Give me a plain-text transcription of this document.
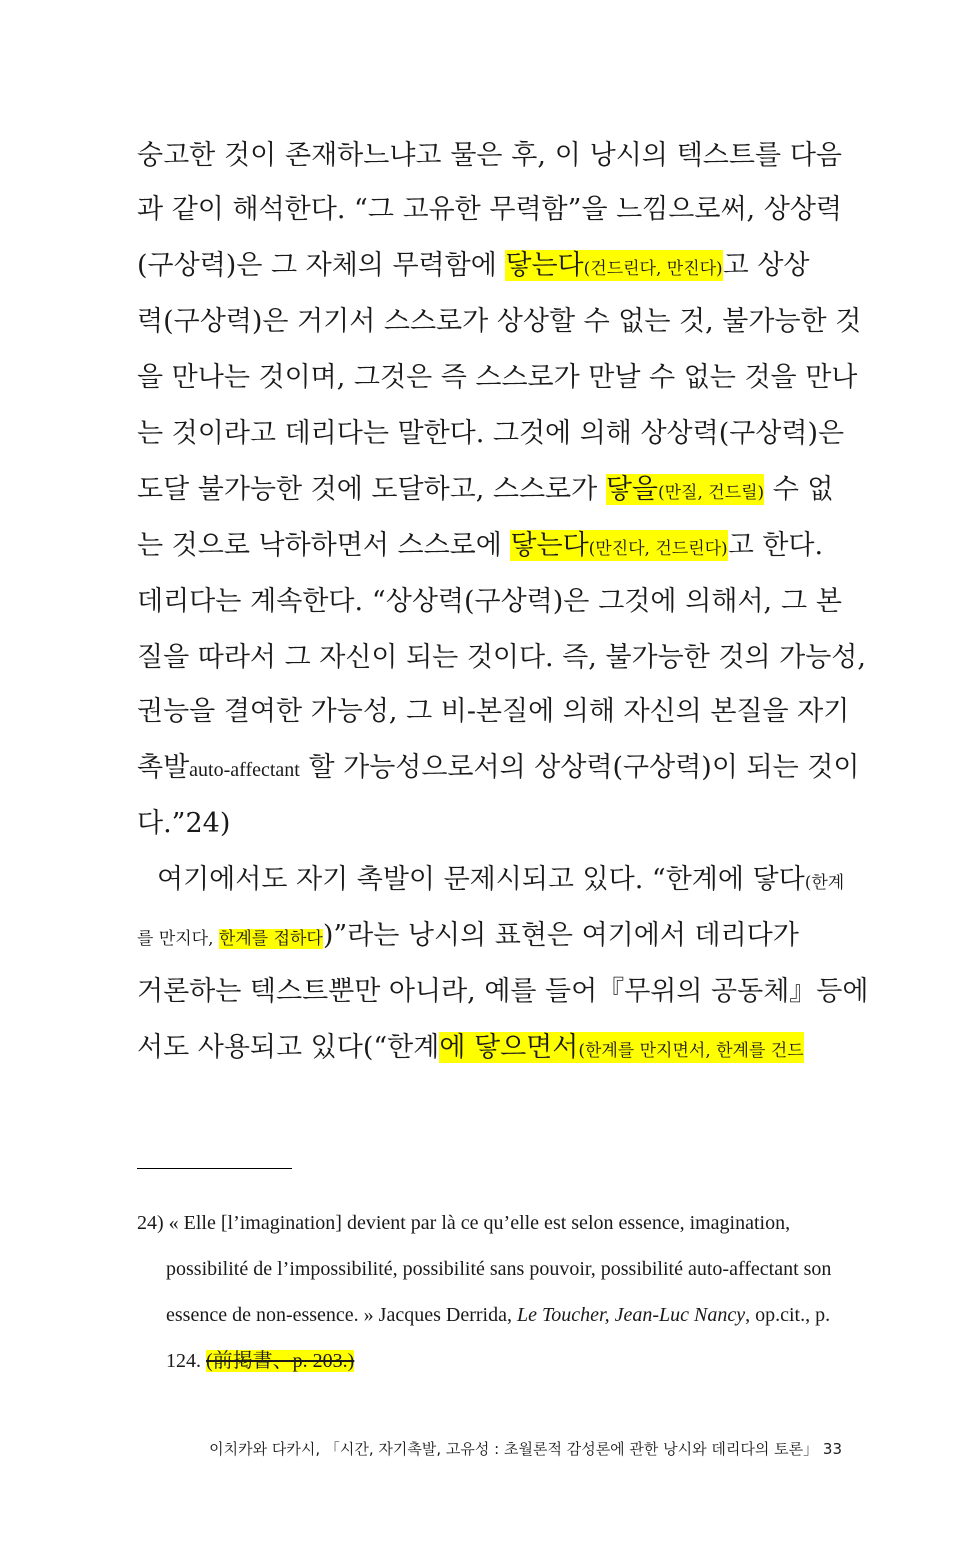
숭고한 것이 존재하느냐고 물은 후, 이 낭시의 텍스트를 다음
과 같이 해석한다. “그 고유한 무력함”을 느낌으로써, 상상력
(구상력)은 그 자체의 무력함에 닿는다(건드린다, 만진다)고 상상
력(구상력)은 거기서 스스로가 상상할 수 없는 것, 불가능한 것
을 만나는 것이며, 그것은 즉 스스로가 만날 수 없는 것을 만나
는 것이라고 데리다는 말한다. 그것에 의해 상상력(구상력)은
도달 불가능한 것에 도달하고, 스스로가 닿을(만질, 건드릴) 수 없
는 것으로 낙하하면서 스스로에 닿는다(만진다, 건드린다)고 한다.
데리다는 계속한다. “상상력(구상력)은 그것에 의해서, 그 본
질을 따라서 그 자신이 되는 것이다. 즉, 불가능한 것의 가능성,
권능을 결여한 가능성, 그 비-본질에 의해 자신의 본질을 자기
촉발auto-affectant 할 가능성으로서의 상상력(구상력)이 되는 것이
다.”24)
여기에서도 자기 촉발이 문제시되고 있다. “한계에 닿다(한계
를 만지다, 한계를 접하다)”라는 낭시의 표현은 여기에서 데리다가
거론하는 텍스트뿐만 아니라, 예를 들어『무위의 공동체』등에
서도 사용되고 있다(“한계에 닿으면서(한계를 만지면서, 한계를 건드
24) « Elle [l’imagination] devient par là ce qu’elle est selon essence, imagination,
possibilité de l’impossibilité, possibilité sans pouvoir, possibilité auto-affectant son
essence de non-essence. » Jacques Derrida, Le Toucher, Jean-Luc Nancy, op.cit., p.
124. (前掲書、p. 203.)
이치카와 다카시, 「시간, 자기촉발, 고유성 : 초월론적 감성론에 관한 낭시와 데리다의 토론」 33
